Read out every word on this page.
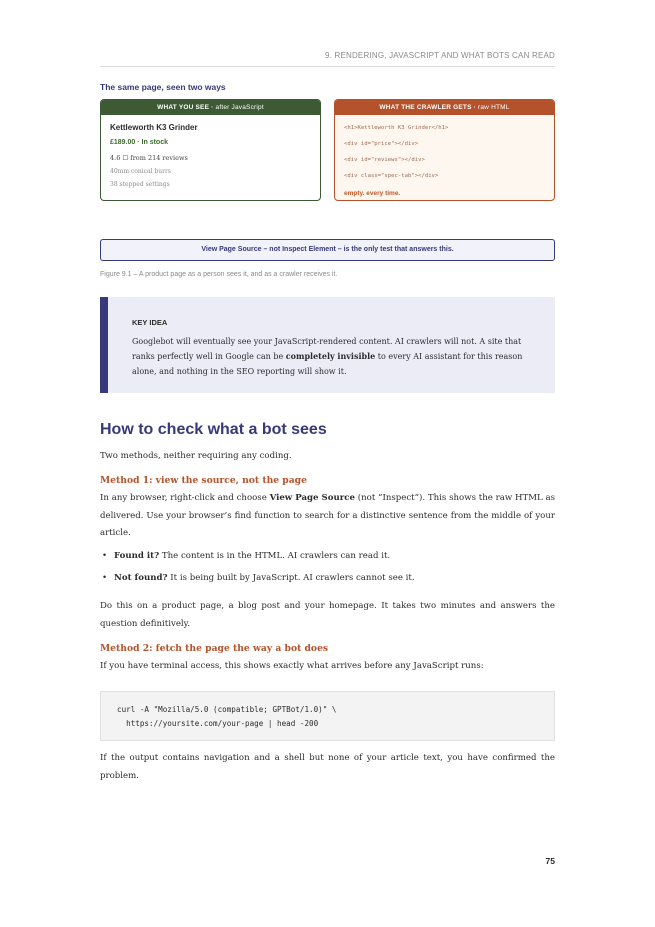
9. RENDERING, JAVASCRIPT AND WHAT BOTS CAN READ
The same page, seen two ways
WHAT YOU SEE · after JavaScript
Kettleworth K3 Grinder
£189.00 · In stock
4.6 ☐ from 214 reviews
40mm conical burrs
38 stepped settings
WHAT THE CRAWLER GETS · raw HTML
<h1>Kettleworth K3 Grinder</h1>
<div id="price"></div>
<div id="reviews"></div>
<div class="spec-tab"></div>
empty. every time.
View Page Source – not Inspect Element – is the only test that answers this.
Figure 9.1 – A product page as a person sees it, and as a crawler receives it.
KEY IDEA
Googlebot will eventually see your JavaScript-rendered content. AI crawlers will not. A site that ranks perfectly well in Google can be completely invisible to every AI assistant for this reason alone, and nothing in the SEO reporting will show it.
How to check what a bot sees
Two methods, neither requiring any coding.
Method 1: view the source, not the page
In any browser, right-click and choose View Page Source (not “Inspect”). This shows the raw HTML as delivered. Use your browser’s find function to search for a distinctive sentence from the middle of your article.
• Found it? The content is in the HTML. AI crawlers can read it.
• Not found? It is being built by JavaScript. AI crawlers cannot see it.
Do this on a product page, a blog post and your homepage. It takes two minutes and answers the question definitively.
Method 2: fetch the page the way a bot does
If you have terminal access, this shows exactly what arrives before any JavaScript runs:
curl -A "Mozilla/5.0 (compatible; GPTBot/1.0)" \
https://yoursite.com/your-page | head -200
If the output contains navigation and a shell but none of your article text, you have confirmed the problem.
75
